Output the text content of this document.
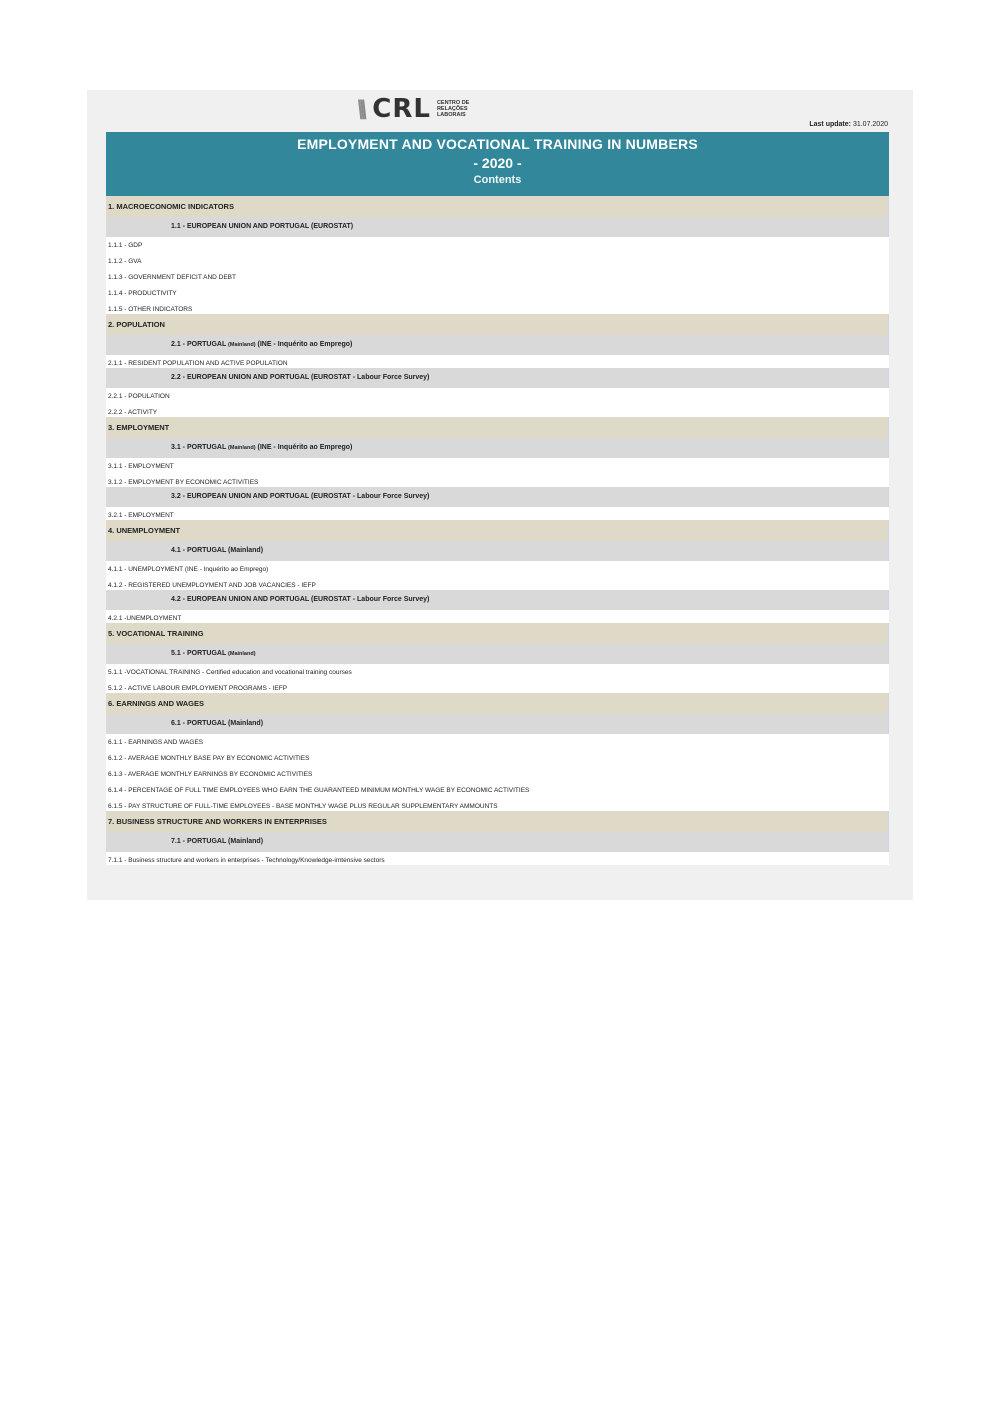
\\\ CRL CENTRO DE
RELAÇÕES
LABORAIS
Last update: 31.07.2020
EMPLOYMENT AND VOCATIONAL TRAINING IN NUMBERS
- 2020 -
Contents
1. MACROECONOMIC INDICATORS
1.1 - EUROPEAN UNION AND PORTUGAL (EUROSTAT)
1.1.1 - GDP
1.1.2 - GVA
1.1.3 - GOVERNMENT DEFICIT AND DEBT
1.1.4 - PRODUCTIVITY
1.1.5 - OTHER INDICATORS
2. POPULATION
2.1 - PORTUGAL (Mainland) (INE - Inquérito ao Emprego)
2.1.1 - RESIDENT POPULATION AND ACTIVE POPULATION
2.2 - EUROPEAN UNION AND PORTUGAL (EUROSTAT - Labour Force Survey)
2.2.1 - POPULATION
2.2.2 - ACTIVITY
3. EMPLOYMENT
3.1 - PORTUGAL (Mainland) (INE - Inquérito ao Emprego)
3.1.1 - EMPLOYMENT
3.1.2 - EMPLOYMENT BY ECONOMIC ACTIVITIES
3.2 - EUROPEAN UNION AND PORTUGAL (EUROSTAT - Labour Force Survey)
3.2.1 - EMPLOYMENT
4. UNEMPLOYMENT
4.1 - PORTUGAL (Mainland)
4.1.1 - UNEMPLOYMENT (INE - Inquérito ao Emprego)
4.1.2 - REGISTERED UNEMPLOYMENT AND JOB VACANCIES - IEFP
4.2 - EUROPEAN UNION AND PORTUGAL (EUROSTAT - Labour Force Survey)
4.2.1 -UNEMPLOYMENT
5. VOCATIONAL TRAINING
5.1 - PORTUGAL (Mainland)
5.1.1 -VOCATIONAL TRAINING - Certified education and vocational training courses
5.1.2 - ACTIVE LABOUR EMPLOYMENT PROGRAMS - IEFP
6. EARNINGS AND WAGES
6.1 - PORTUGAL (Mainland)
6.1.1 - EARNINGS AND WAGES
6.1.2 - AVERAGE MONTHLY BASE PAY BY ECONOMIC ACTIVITIES
6.1.3 - AVERAGE MONTHLY EARNINGS BY ECONOMIC ACTIVITIES
6.1.4 - PERCENTAGE OF FULL TIME EMPLOYEES WHO EARN THE GUARANTEED MINIMUM MONTHLY WAGE BY ECONOMIC ACTIVITIES
6.1.5 - PAY STRUCTURE OF FULL-TIME EMPLOYEES - BASE MONTHLY WAGE PLUS REGULAR SUPPLEMENTARY AMMOUNTS
7. BUSINESS STRUCTURE AND WORKERS IN ENTERPRISES
7.1 - PORTUGAL (Mainland)
7.1.1 - Business structure and workers in enterprises - Technology/Knowledge-imtensive sectors
